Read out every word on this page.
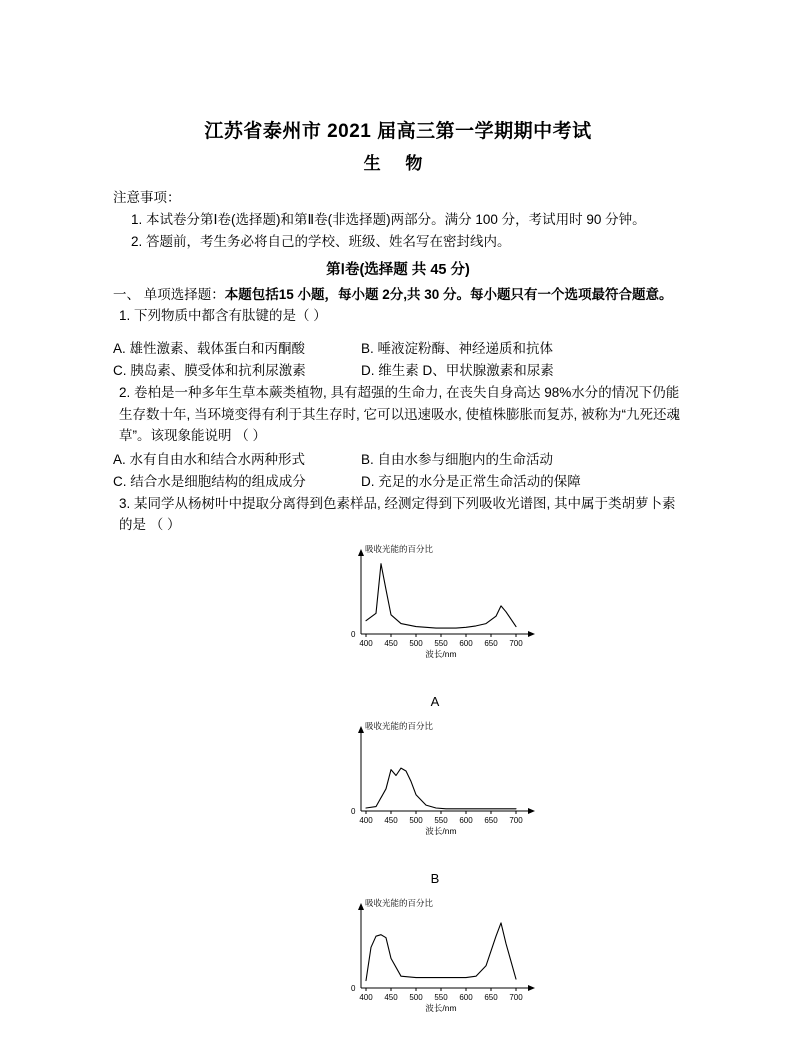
江苏省泰州市 2021 届高三第一学期期中考试
生 物
注意事项：
1. 本试卷分第Ⅰ卷(选择题)和第Ⅱ卷(非选择题)两部分。满分 100 分，考试用时 90 分钟。
2. 答题前，考生务必将自己的学校、班级、姓名写在密封线内。
第Ⅰ卷(选择题 共 45 分)
一、 单项选择题：本题包括15 小题，每小题 2分,共 30 分。每小题只有一个选项最符合题意。
1. 下列物质中都含有肽键的是（ ）
A. 雄性激素、载体蛋白和丙酮酸	B. 唾液淀粉酶、神经递质和抗体
C. 胰岛素、膜受体和抗利尿激素	D. 维生素 D、甲状腺激素和尿素
2. 卷柏是一种多年生草本蕨类植物, 具有超强的生命力, 在丧失自身高达 98%水分的情况下仍能生存数十年, 当环境变得有利于其生存时, 它可以迅速吸水, 使植株膨胀而复苏, 被称为“九死还魂草”。该现象能说明 （ ）
A. 水有自由水和结合水两种形式	B. 自由水参与细胞内的生命活动
C. 结合水是细胞结构的组成成分	D. 充足的水分是正常生命活动的保障
3. 某同学从杨树叶中提取分离得到色素样品, 经测定得到下列吸收光谱图, 其中属于类胡萝卜素的是 （ ）
吸收光能的百分比
0
400 450 500 550 600 650 700
波长/nm
A
吸收光能的百分比
0
400 450 500 550 600 650 700
波长/nm
B
吸收光能的百分比
0
400 450 500 550 600 650 700
波长/nm
